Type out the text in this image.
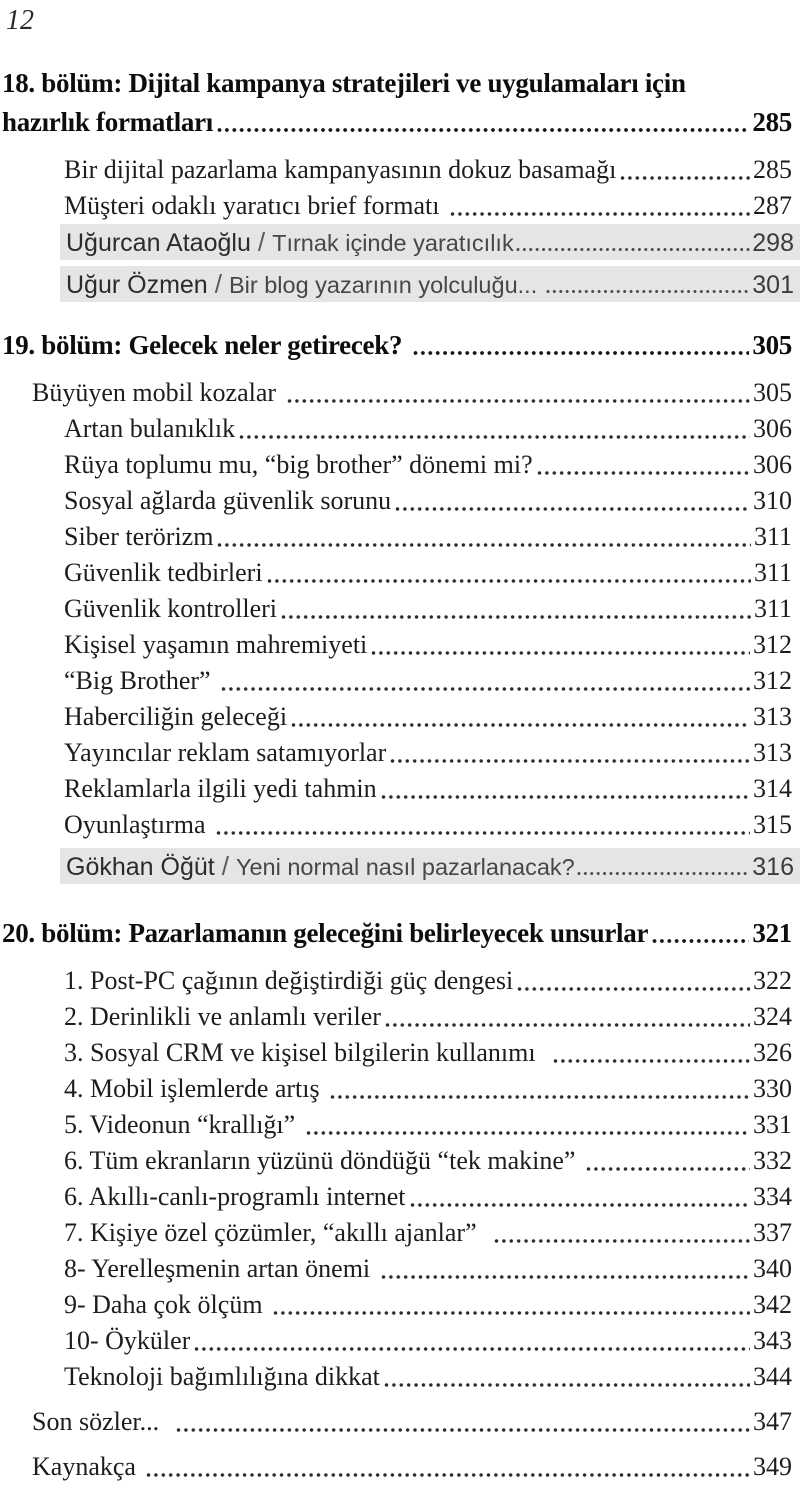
12
18. bölüm: Dijital kampanya stratejileri ve uygulamaları için
hazırlık formatları	285
Bir dijital pazarlama kampanyasının dokuz basamağı	285
Müşteri odaklı yaratıcı brief formatı	287
Uğurcan Ataoğlu / Tırnak içinde yaratıcılık	298
Uğur Özmen / Bir blog yazarının yolculuğu...	301
19. bölüm: Gelecek neler getirecek?	305
Büyüyen mobil kozalar	305
Artan bulanıklık	306
Rüya toplumu mu, “big brother” dönemi mi?	306
Sosyal ağlarda güvenlik sorunu	310
Siber terörizm	311
Güvenlik tedbirleri	311
Güvenlik kontrolleri	311
Kişisel yaşamın mahremiyeti	312
“Big Brother”	312
Haberciliğin geleceği	313
Yayıncılar reklam satamıyorlar	313
Reklamlarla ilgili yedi tahmin	314
Oyunlaştırma	315
Gökhan Öğüt / Yeni normal nasıl pazarlanacak?	316
20. bölüm: Pazarlamanın geleceğini belirleyecek unsurlar	321
1. Post-PC çağının değiştirdiği güç dengesi	322
2. Derinlikli ve anlamlı veriler	324
3. Sosyal CRM ve kişisel bilgilerin kullanımı	326
4. Mobil işlemlerde artış	330
5. Videonun “krallığı”	331
6. Tüm ekranların yüzünü döndüğü “tek makine”	332
6. Akıllı-canlı-programlı internet	334
7. Kişiye özel çözümler, “akıllı ajanlar”	337
8- Yerelleşmenin artan önemi	340
9- Daha çok ölçüm	342
10- Öyküler	343
Teknoloji bağımlılığına dikkat	344
Son sözler...	347
Kaynakça	349
